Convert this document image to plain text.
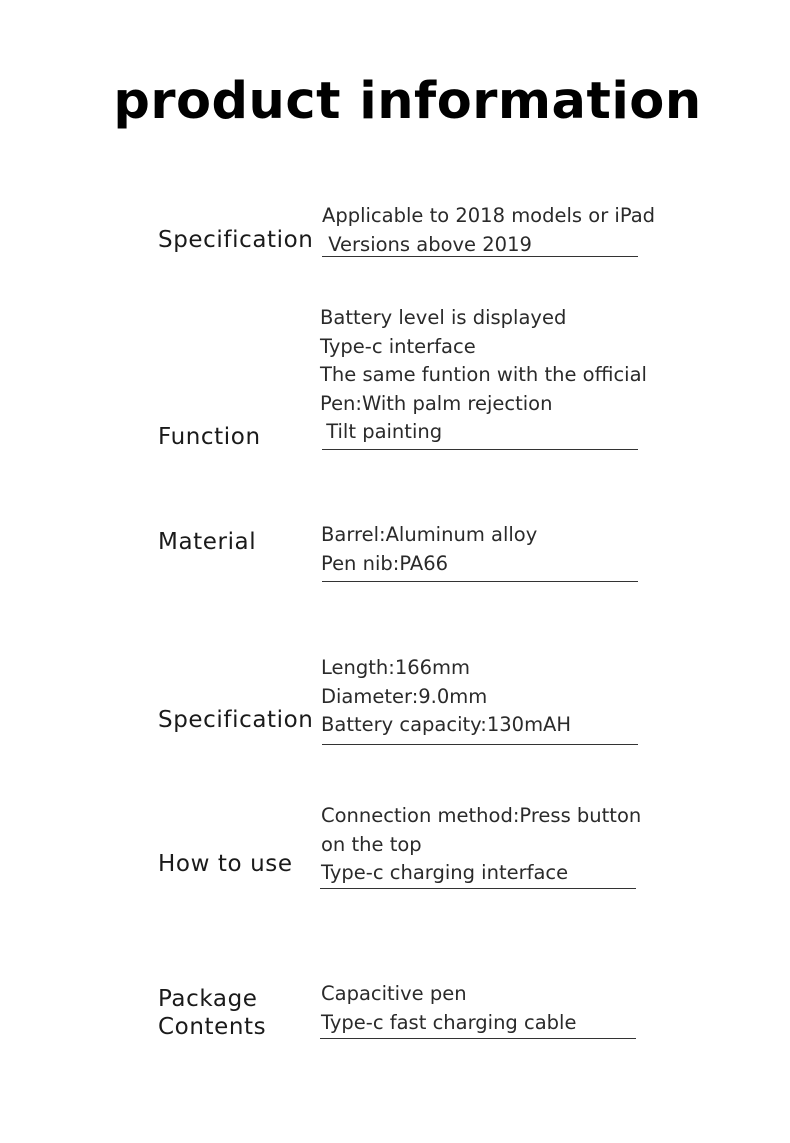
product information
Specification
Applicable to 2018 models or iPad
Versions above 2019
Function
Battery level is displayed
Type-c interface
The same funtion with the official
Pen:With palm rejection
Tilt painting
Material	Barrel:Aluminum alloy
Pen nib:PA66
Specification
Length:166mm
Diameter:9.0mm
Battery capacity:130mAH
How to use
Connection method:Press button
on the top
Type-c charging interface
Package
Contents
Capacitive pen
Type-c fast charging cable
